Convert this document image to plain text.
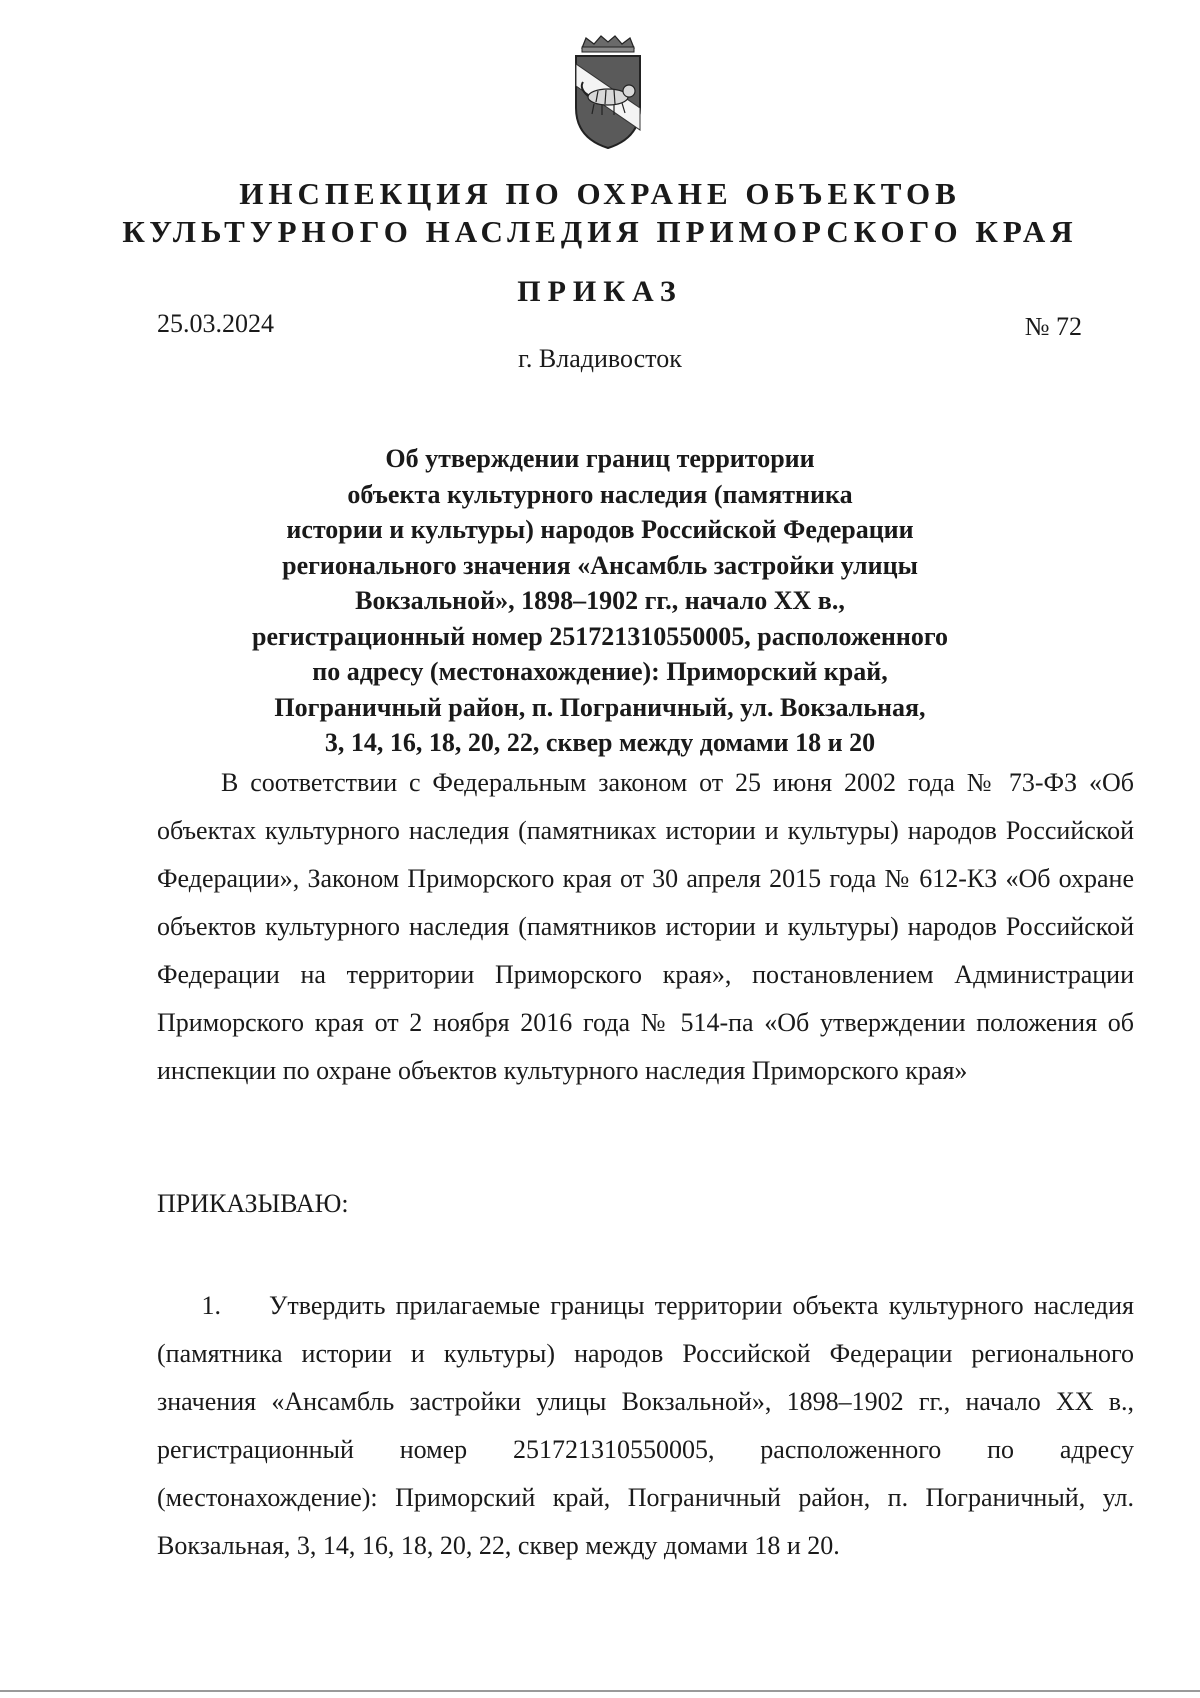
ИНСПЕКЦИЯ ПО ОХРАНЕ ОБЪЕКТОВ
КУЛЬТУРНОГО НАСЛЕДИЯ ПРИМОРСКОГО КРАЯ
ПРИКАЗ
25.03.2024	№ 72
г. Владивосток
Об утверждении границ территории
объекта культурного наследия (памятника
истории и культуры) народов Российской Федерации
регионального значения «Ансамбль застройки улицы
Вокзальной», 1898–1902 гг., начало XX в.,
регистрационный номер 251721310550005, расположенного
по адресу (местонахождение): Приморский край,
Пограничный район, п. Пограничный, ул. Вокзальная,
3, 14, 16, 18, 20, 22, сквер между домами 18 и 20

В соответствии с Федеральным законом от 25 июня 2002 года № 73-ФЗ «Об объектах культурного наследия (памятниках истории и культуры) народов Российской Федерации», Законом Приморского края от 30 апреля 2015 года № 612-КЗ «Об охране объектов культурного наследия (памятников истории и культуры) народов Российской Федерации на территории Приморского края», постановлением Администрации Приморского края от 2 ноября 2016 года № 514-па «Об утверждении положения об инспекции по охране объектов культурного наследия Приморского края»

ПРИКАЗЫВАЮ:

1. Утвердить прилагаемые границы территории объекта культурного наследия (памятника истории и культуры) народов Российской Федерации регионального значения «Ансамбль застройки улицы Вокзальной», 1898–1902 гг., начало XX в., регистрационный номер 251721310550005, расположенного по адресу (местонахождение): Приморский край, Пограничный район, п. Пограничный, ул. Вокзальная, 3, 14, 16, 18, 20, 22, сквер между домами 18 и 20.
